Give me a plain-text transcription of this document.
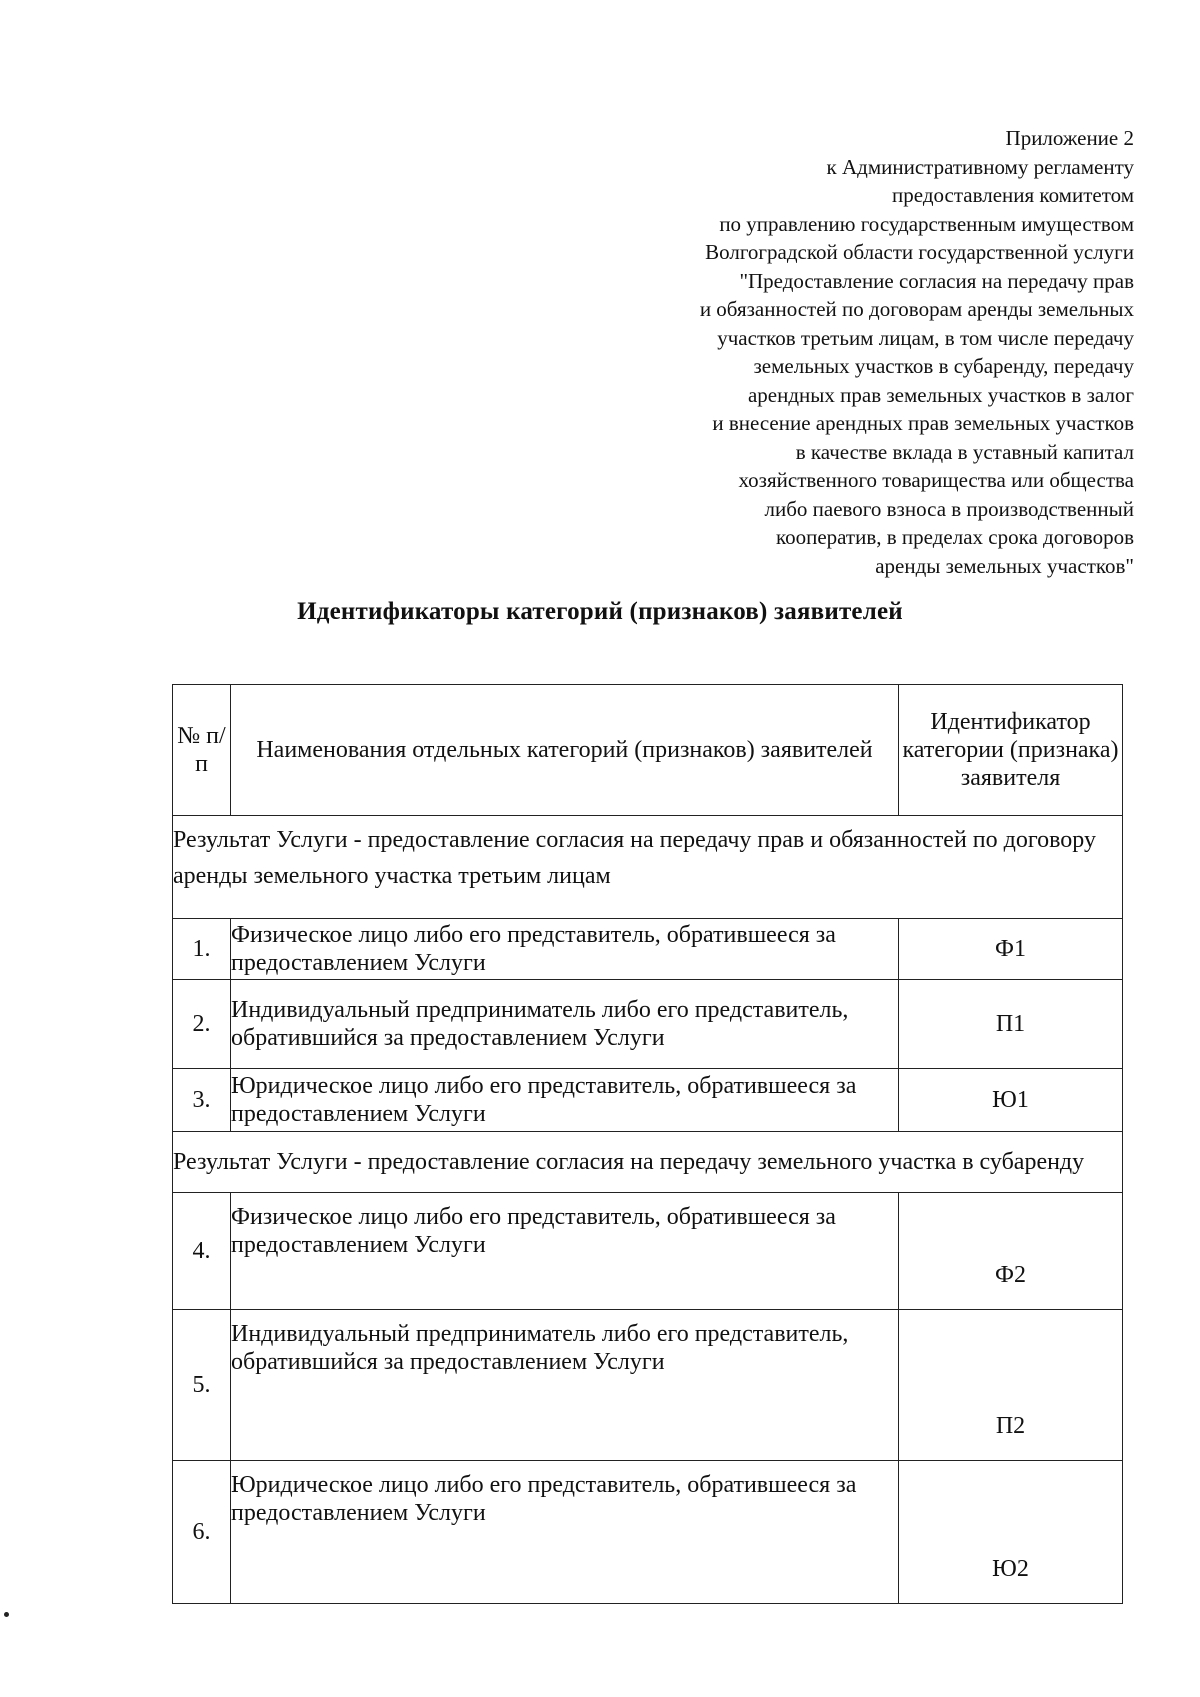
Приложение 2
к Административному регламенту
предоставления комитетом
по управлению государственным имуществом
Волгоградской области государственной услуги
"Предоставление согласия на передачу прав
и обязанностей по договорам аренды земельных
участков третьим лицам, в том числе передачу
земельных участков в субаренду, передачу
арендных прав земельных участков в залог
и внесение арендных прав земельных участков
в качестве вклада в уставный капитал
хозяйственного товарищества или общества
либо паевого взноса в производственный
кооператив, в пределах срока договоров
аренды земельных участков"
Идентификаторы категорий (признаков) заявителей
№ п/п	Наименования отдельных категорий (признаков) заявителей	Идентификатор категории (признака) заявителя
Результат Услуги - предоставление согласия на передачу прав и обязанностей по договору аренды земельного участка третьим лицам		
1.	Физическое лицо либо его представитель, обратившееся за предоставлением Услуги	Ф1
2.	Индивидуальный предприниматель либо его представитель, обратившийся за предоставлением Услуги	П1
3.	Юридическое лицо либо его представитель, обратившееся за предоставлением Услуги	Ю1
Результат Услуги - предоставление согласия на передачу земельного участка в субаренду		
4.	Физическое лицо либо его представитель, обратившееся за предоставлением Услуги	Ф2
5.	Индивидуальный предприниматель либо его представитель, обратившийся за предоставлением Услуги	П2
6.	Юридическое лицо либо его представитель, обратившееся за предоставлением Услуги	Ю2
